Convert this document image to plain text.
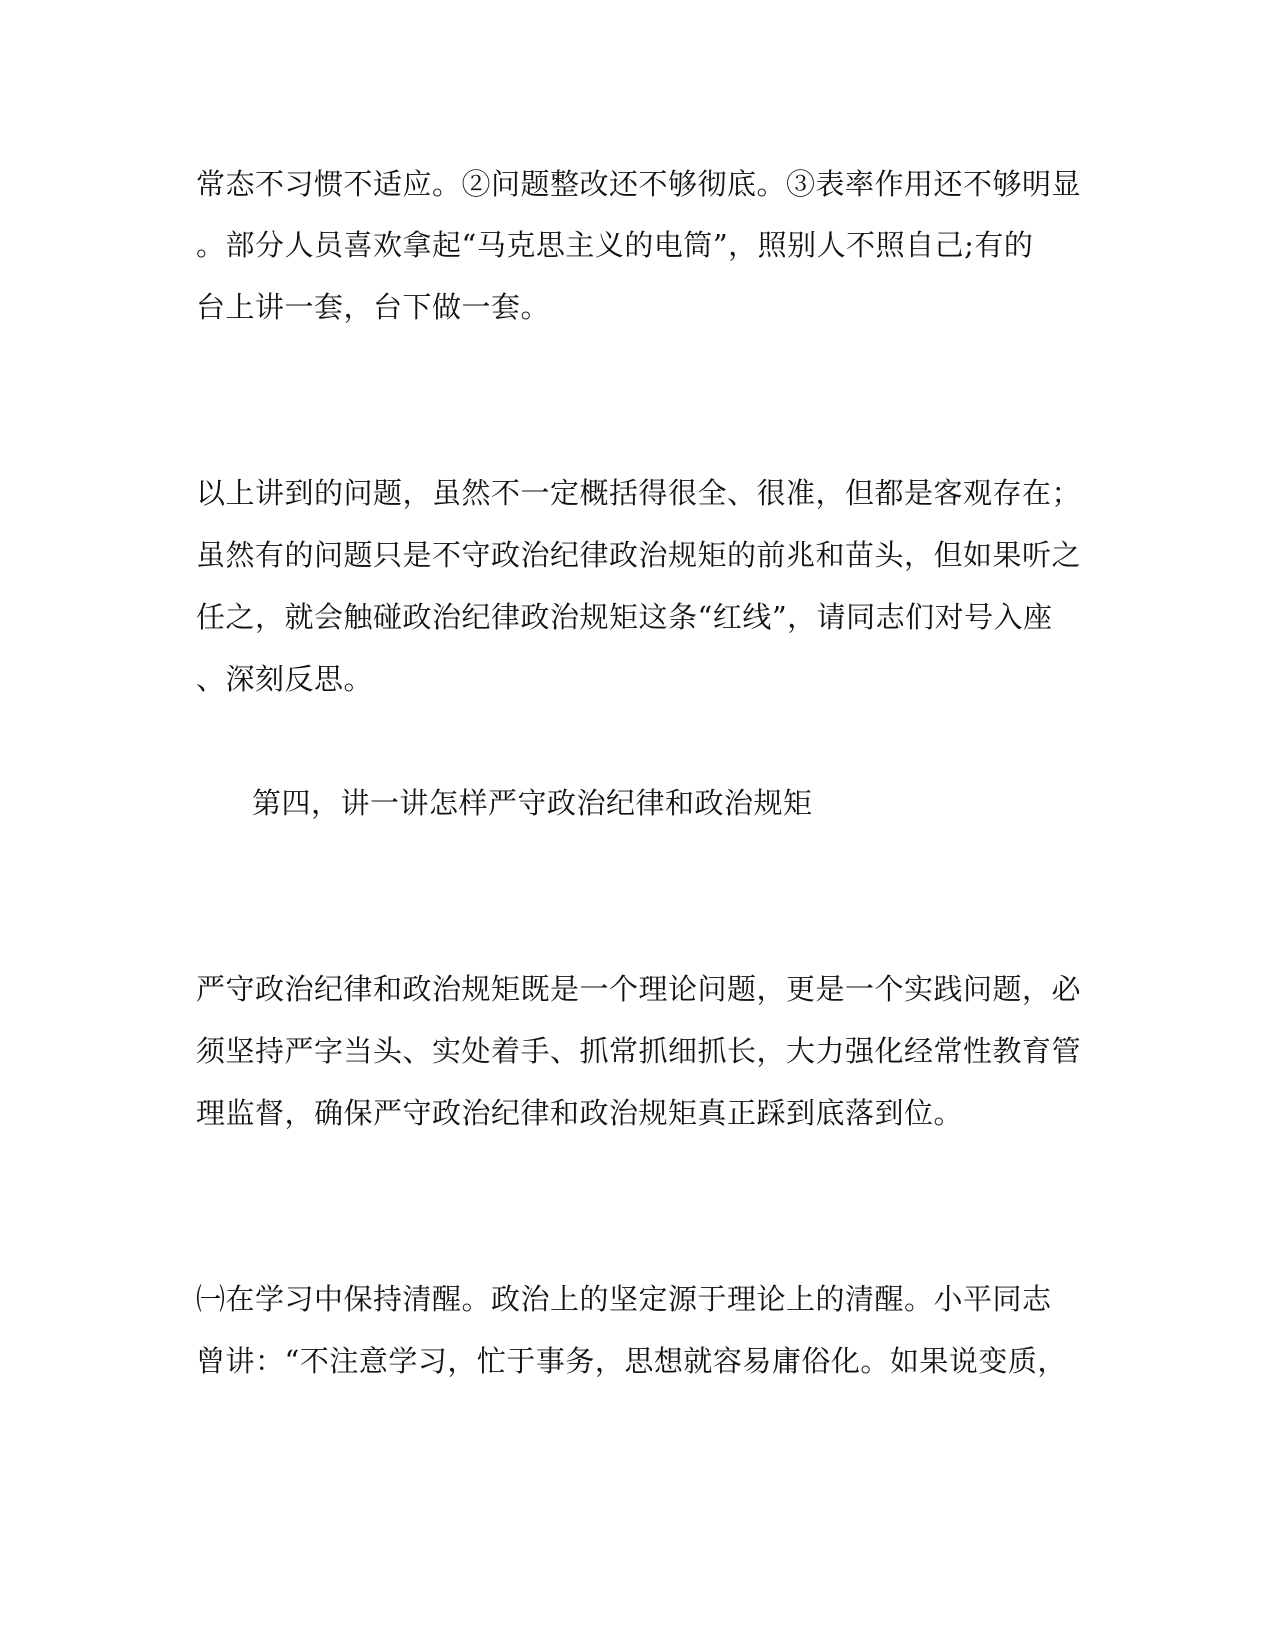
常态不习惯不适应。②问题整改还不够彻底。③表率作用还不够明显
。部分人员喜欢拿起“马克思主义的电筒”，照别人不照自己;有的
台上讲一套，台下做一套。
以上讲到的问题，虽然不一定概括得很全、很准，但都是客观存在；
虽然有的问题只是不守政治纪律政治规矩的前兆和苗头，但如果听之
任之，就会触碰政治纪律政治规矩这条“红线”，请同志们对号入座
、深刻反思。
第四，讲一讲怎样严守政治纪律和政治规矩
严守政治纪律和政治规矩既是一个理论问题，更是一个实践问题，必
须坚持严字当头、实处着手、抓常抓细抓长，大力强化经常性教育管
理监督，确保严守政治纪律和政治规矩真正踩到底落到位。
㈠在学习中保持清醒。政治上的坚定源于理论上的清醒。小平同志
曾讲：“不注意学习，忙于事务，思想就容易庸俗化。如果说变质，
